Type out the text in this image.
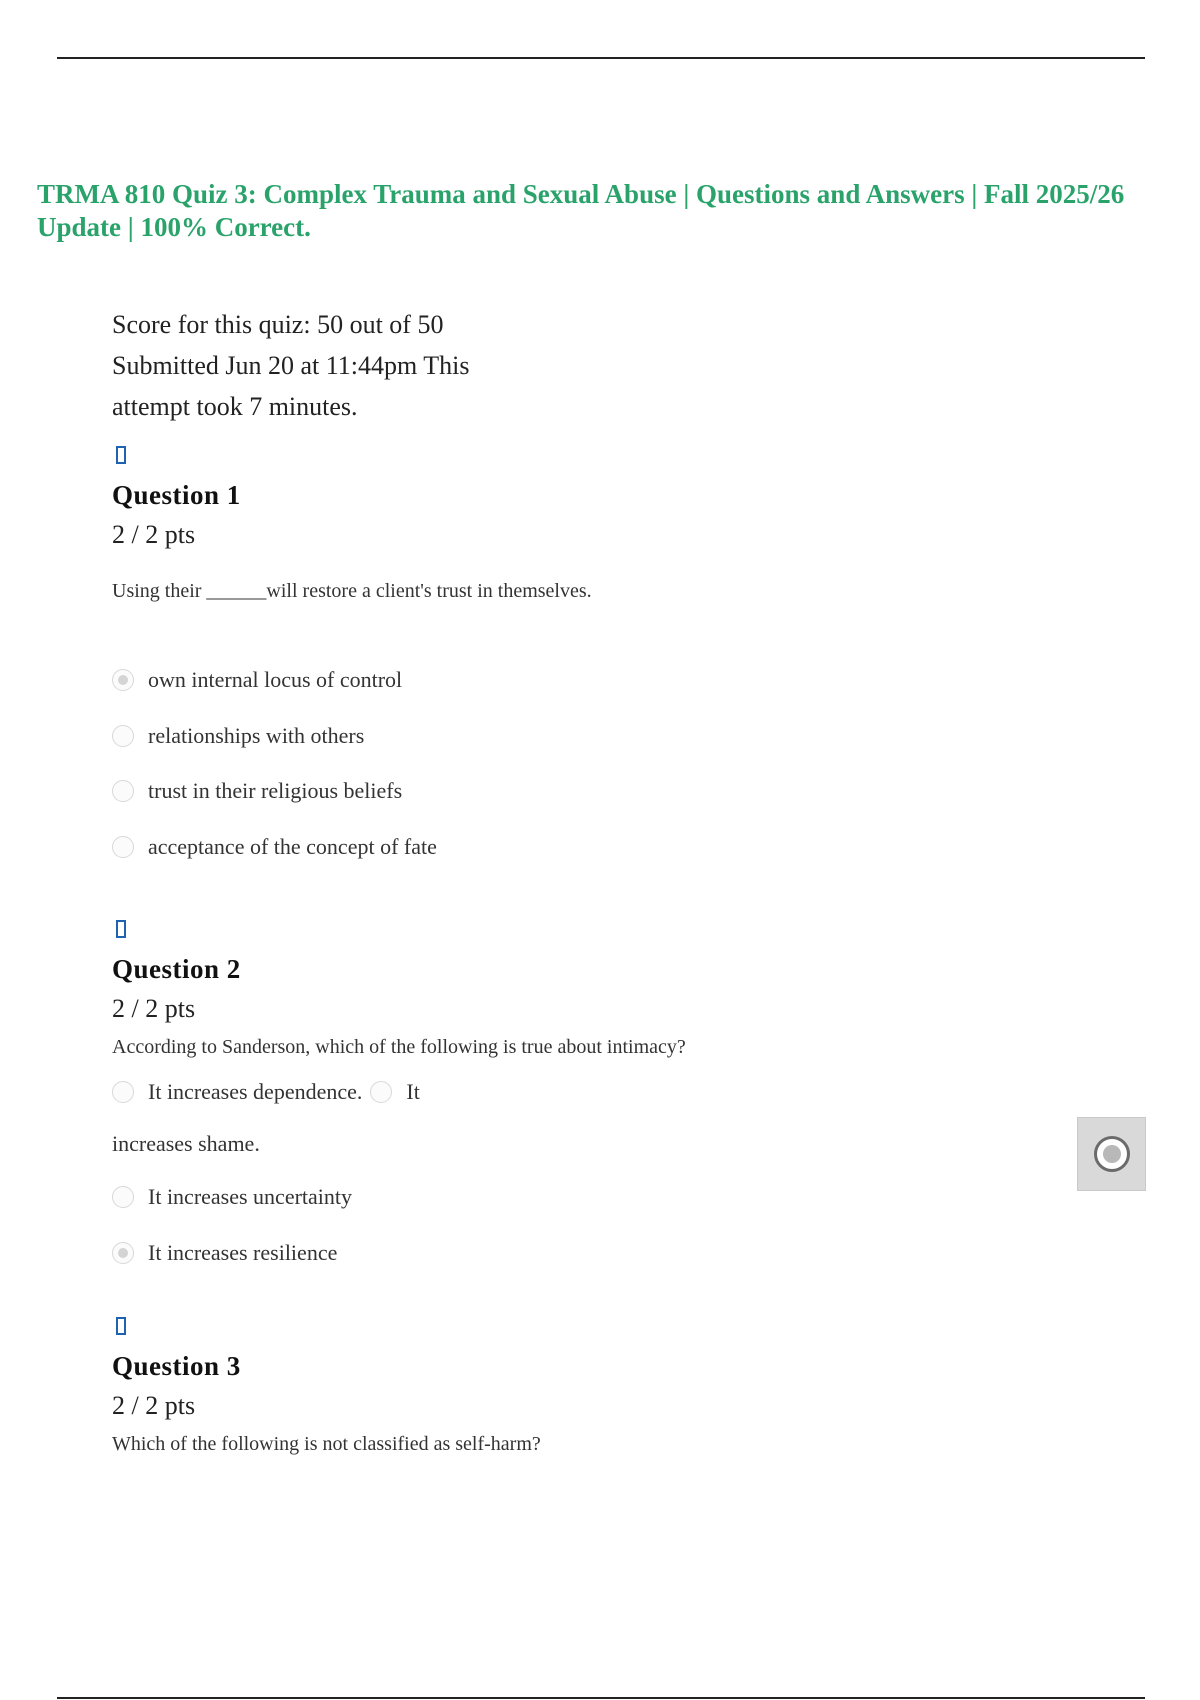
TRMA 810 Quiz 3: Complex Trauma and Sexual Abuse | Questions and Answers | Fall 2025/26 Update | 100% Correct.
Score for this quiz: 50 out of 50
Submitted Jun 20 at 11:44pm This
attempt took 7 minutes.
Question 1
2 / 2 pts

Using their ______will restore a client's trust in themselves.

own internal locus of control
relationships with others
trust in their religious beliefs
acceptance of the concept of fate
Question 2
2 / 2 pts

According to Sanderson, which of the following is true about intimacy?

It increases dependence. It
increases shame.
It increases uncertainty
It increases resilience
Question 3
2 / 2 pts

Which of the following is not classified as self-harm?
